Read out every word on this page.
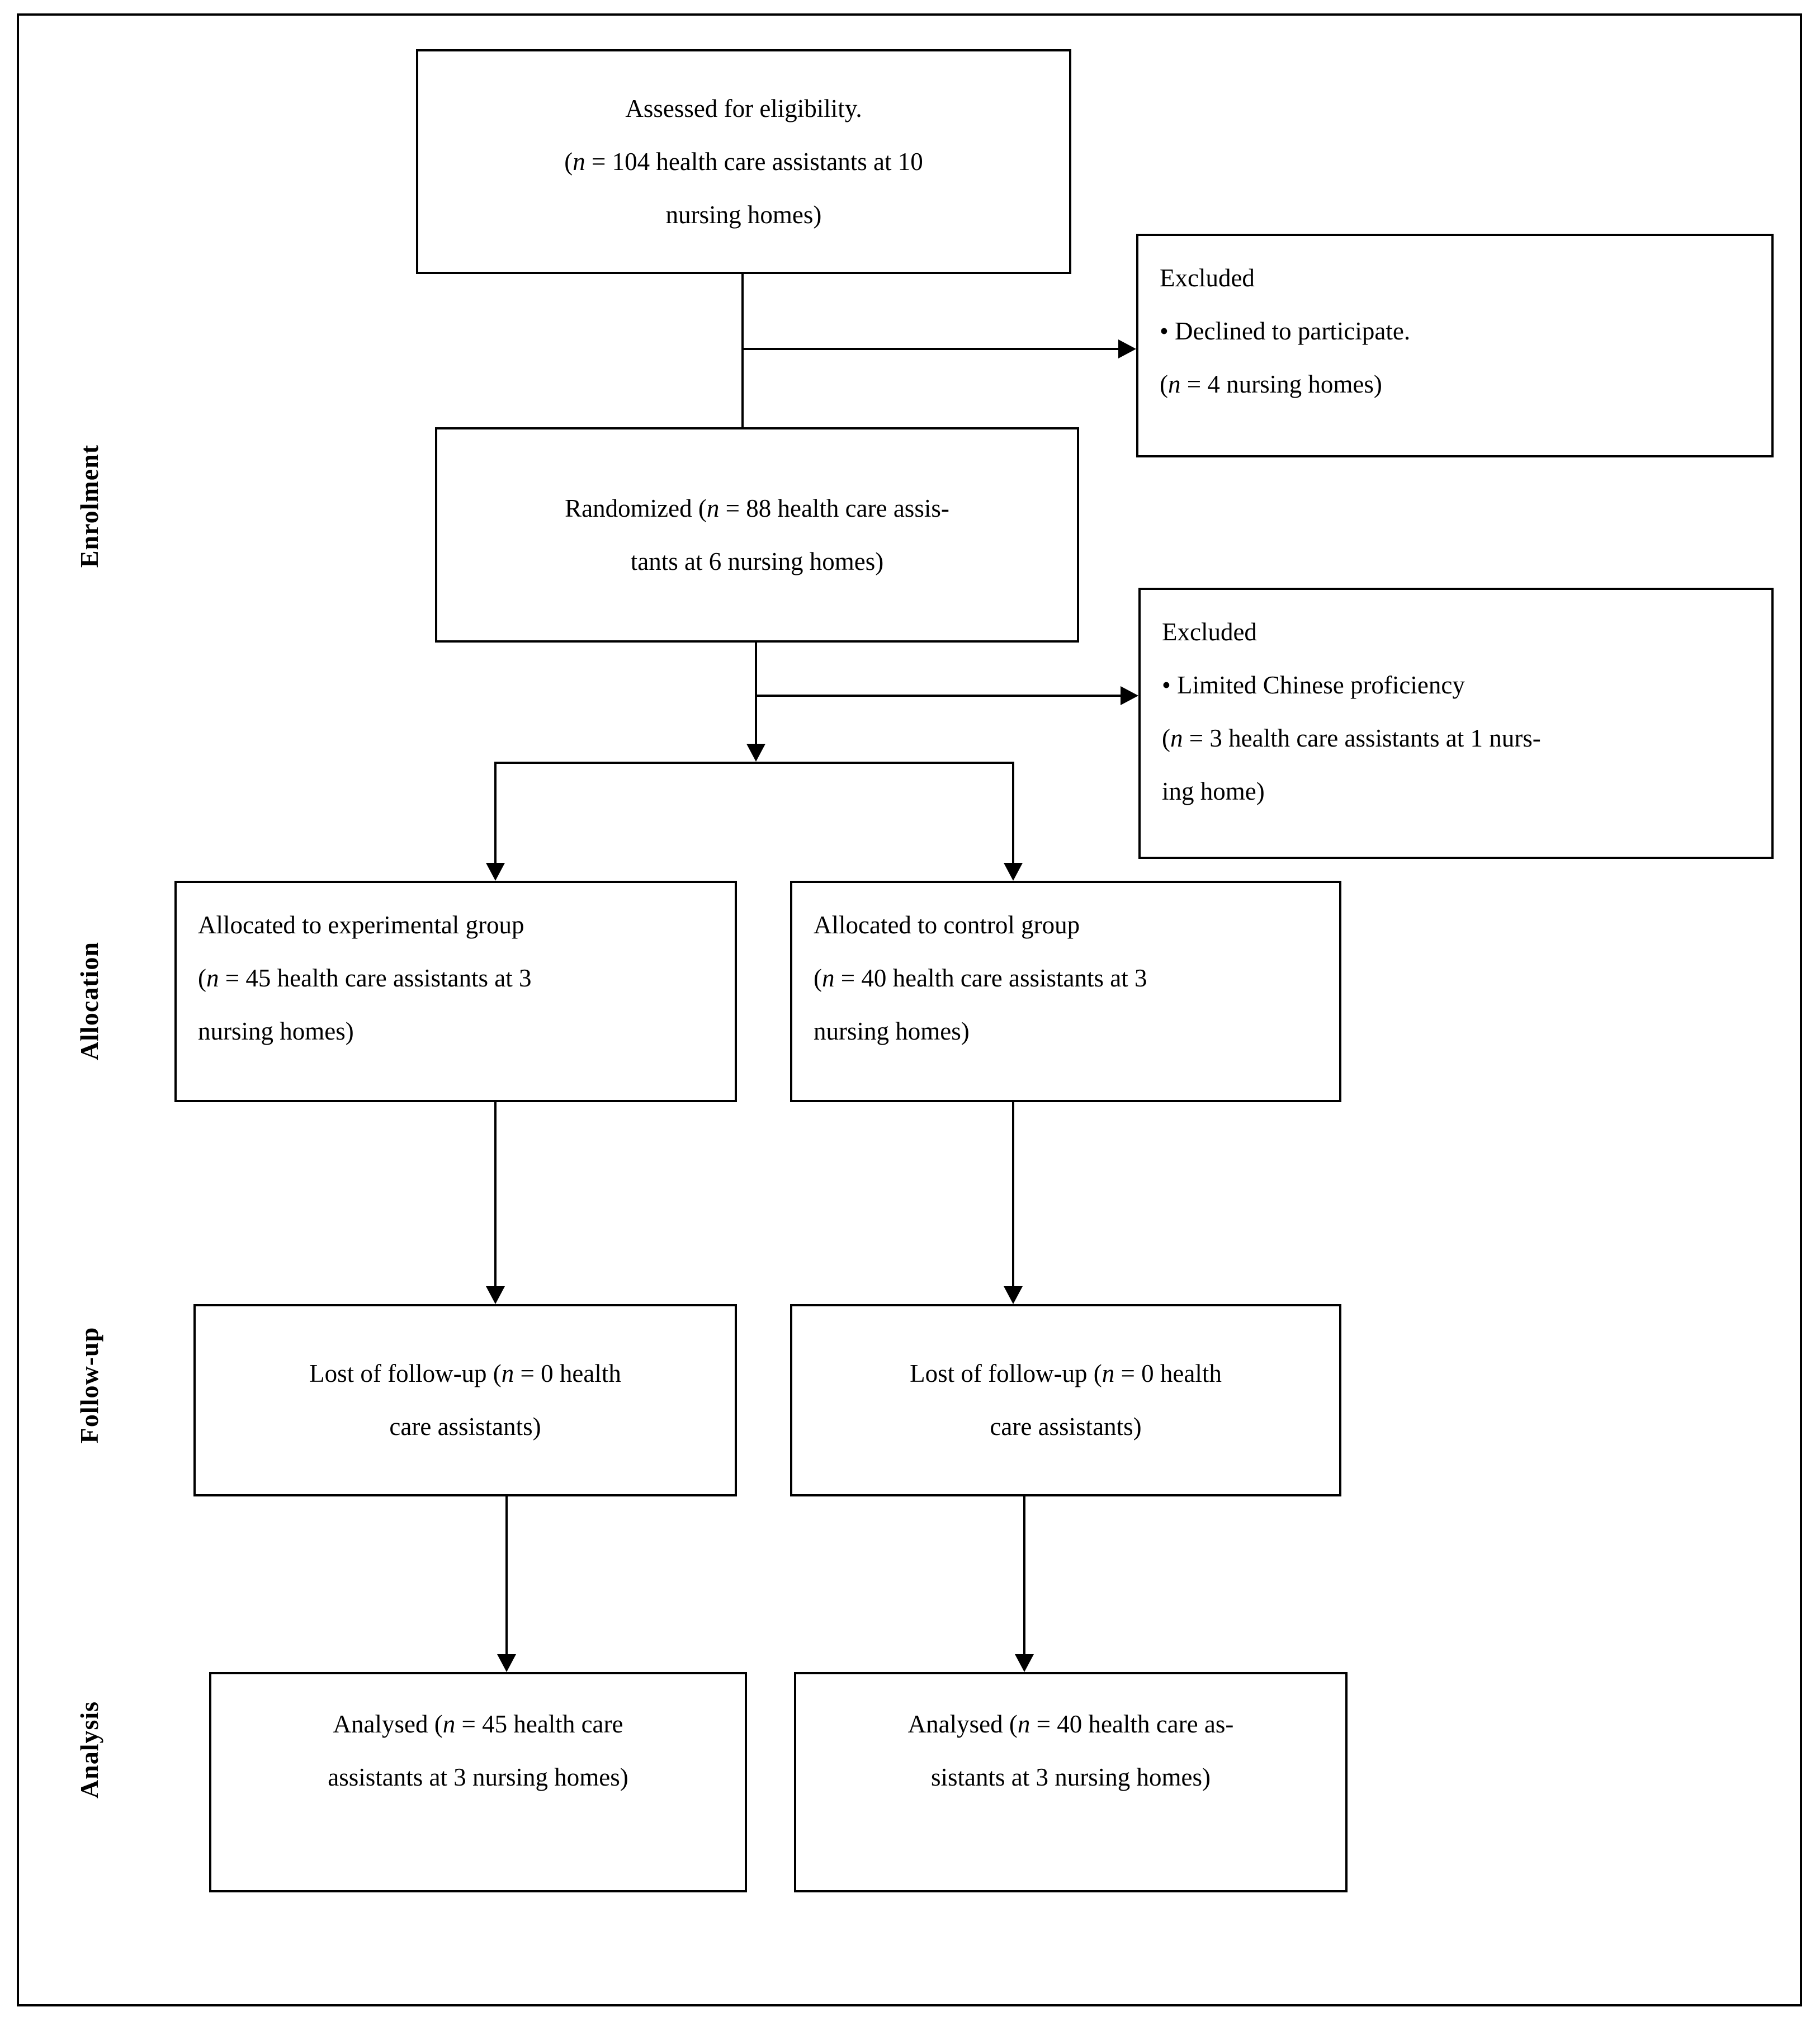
Enrolment
Allocation
Follow-up
Analysis
Assessed for eligibility.
(n = 104 health care assistants at 10
nursing homes)
Excluded
• Declined to participate.
(n = 4 nursing homes)
Randomized (n = 88 health care assis-
tants at 6 nursing homes)
Excluded
• Limited Chinese proficiency
(n = 3 health care assistants at 1 nurs-
ing home)
Allocated to experimental group
(n = 45 health care assistants at 3
nursing homes)
Allocated to control group
(n = 40 health care assistants at 3
nursing homes)
Lost of follow-up (n = 0 health
care assistants)
Lost of follow-up (n = 0 health
care assistants)
Analysed (n = 45 health care
assistants at 3 nursing homes)
Analysed (n = 40 health care as-
sistants at 3 nursing homes)
